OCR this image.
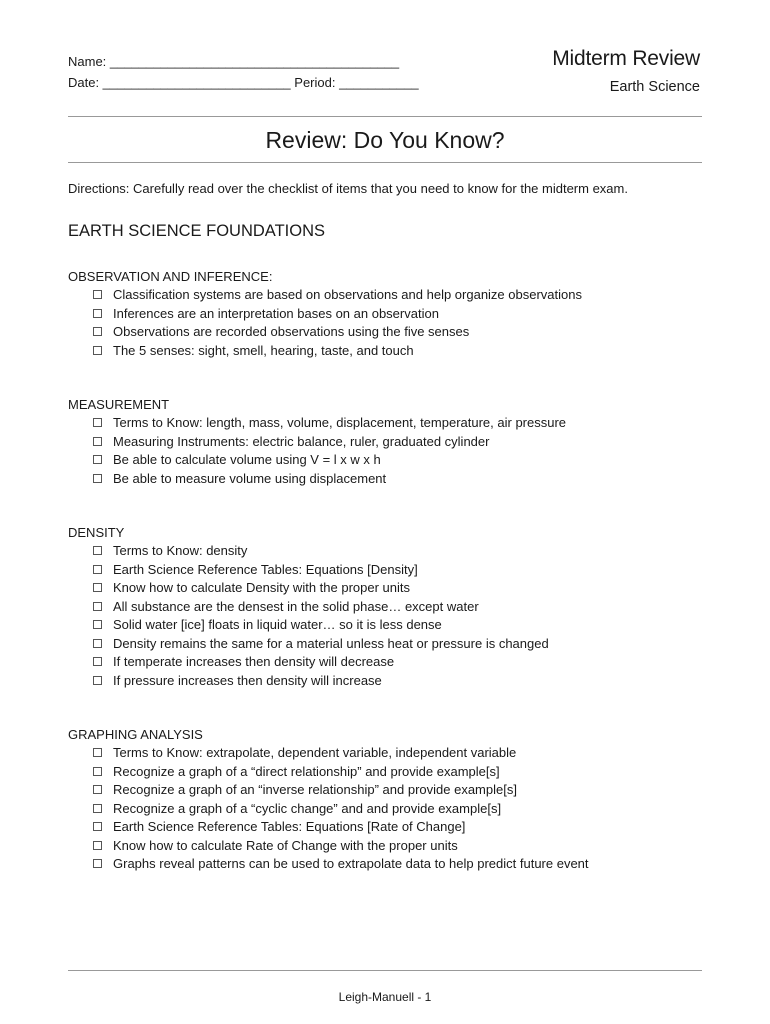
Name: ________________________________________
Date: __________________________ Period: ___________
Midterm Review
Earth Science
Review: Do You Know?
Directions: Carefully read over the checklist of items that you need to know for the midterm exam.
EARTH SCIENCE FOUNDATIONS
OBSERVATION AND INFERENCE:
Classification systems are based on observations and help organize observations
Inferences are an interpretation bases on an observation
Observations are recorded observations using the five senses
The 5 senses: sight, smell, hearing, taste, and touch
MEASUREMENT
Terms to Know: length, mass, volume, displacement, temperature, air pressure
Measuring Instruments: electric balance, ruler, graduated cylinder
Be able to calculate volume using V = l x w x h
Be able to measure volume using displacement
DENSITY
Terms to Know: density
Earth Science Reference Tables: Equations [Density]
Know how to calculate Density with the proper units
All substance are the densest in the solid phase… except water
Solid water [ice] floats in liquid water… so it is less dense
Density remains the same for a material unless heat or pressure is changed
If temperate increases then density will decrease
If pressure increases then density will increase
GRAPHING ANALYSIS
Terms to Know: extrapolate, dependent variable, independent variable
Recognize a graph of a “direct relationship” and provide example[s]
Recognize a graph of an “inverse relationship” and provide example[s]
Recognize a graph of a “cyclic change” and and provide example[s]
Earth Science Reference Tables: Equations [Rate of Change]
Know how to calculate Rate of Change with the proper units
Graphs reveal patterns can be used to extrapolate data to help predict future event
Leigh-Manuell - 1
